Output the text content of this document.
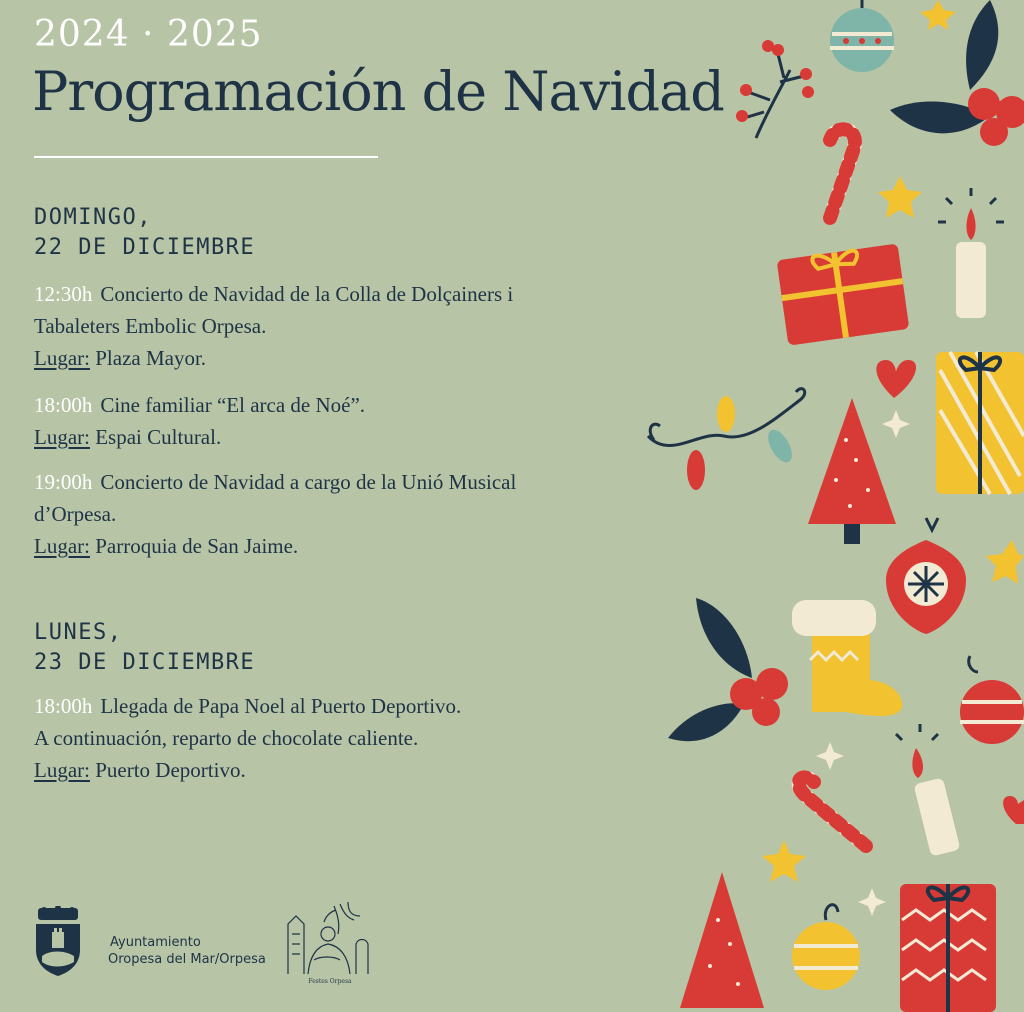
2024 · 2025
Programación de Navidad
DOMINGO,
22 DE DICIEMBRE
12:30h Concierto de Navidad de la Colla de Dolçainers i
Tabaleters Embolic Orpesa.
Lugar: Plaza Mayor.
18:00h Cine familiar “El arca de Noé”.
Lugar: Espai Cultural.
19:00h Concierto de Navidad a cargo de la Unió Musical
d’Orpesa.
Lugar: Parroquia de San Jaime.
LUNES,
23 DE DICIEMBRE
18:00h Llegada de Papa Noel al Puerto Deportivo.
A continuación, reparto de chocolate caliente.
Lugar: Puerto Deportivo.
Ayuntamiento
Oropesa del Mar/Orpesa
Festes Orpesa
